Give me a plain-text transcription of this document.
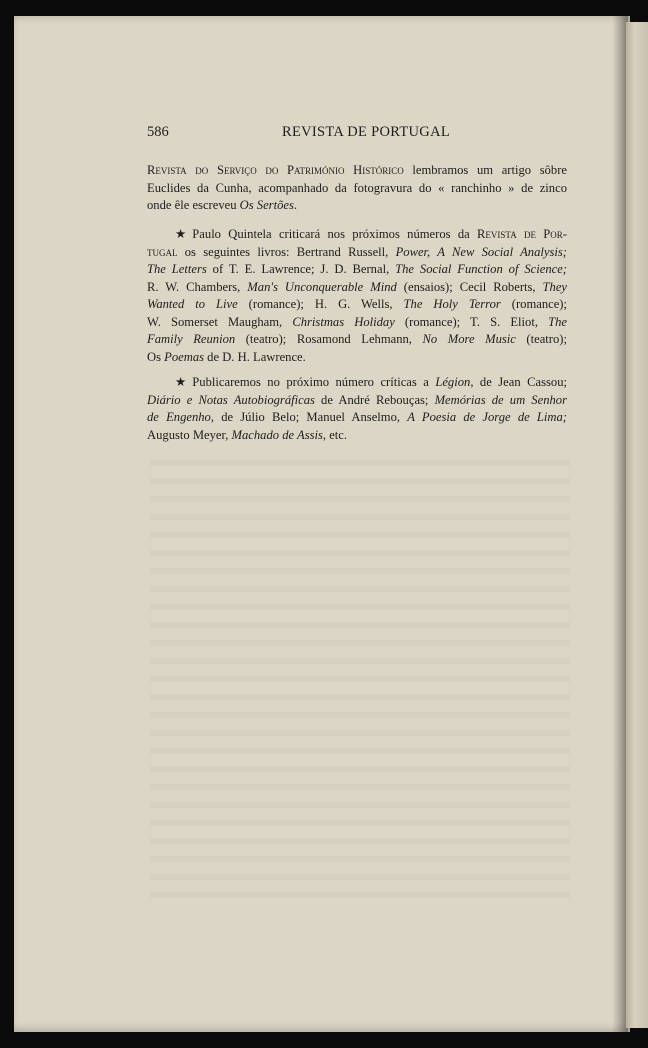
586	REVISTA DE PORTUGAL
Revista do Serviço do Património Histórico lembramos um artigo sôbre
Euclides da Cunha, acompanhado da fotogravura do « ranchinho » de zinco
onde êle escreveu Os Sertões.
★ Paulo Quintela criticará nos próximos números da Revista de Por-
tugal os seguintes livros: Bertrand Russell, Power, A New Social Analysis;
The Letters of T. E. Lawrence; J. D. Bernal, The Social Function of Science;
R. W. Chambers, Man's Unconquerable Mind (ensaios); Cecil Roberts, They
Wanted to Live (romance); H. G. Wells, The Holy Terror (romance);
W. Somerset Maugham, Christmas Holiday (romance); T. S. Eliot, The
Family Reunion (teatro); Rosamond Lehmann, No More Music (teatro);
Os Poemas de D. H. Lawrence.
★ Publicaremos no próximo número críticas a Légion, de Jean Cassou;
Diário e Notas Autobiográficas de André Rebouças; Memórias de um Senhor
de Engenho, de Júlio Belo; Manuel Anselmo, A Poesia de Jorge de Lima;
Augusto Meyer, Machado de Assis, etc.
